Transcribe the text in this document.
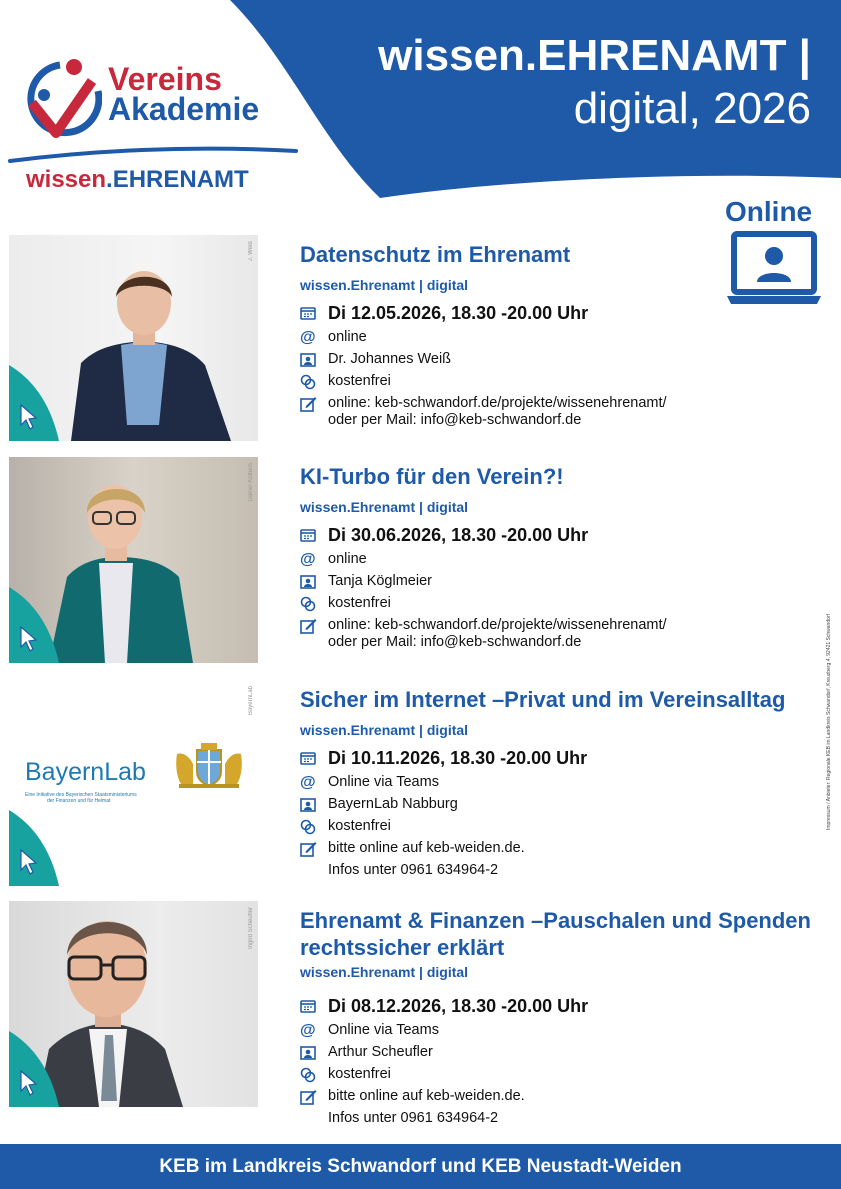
Vereins
Akademie
wissen.EHRENAMT
wissen.EHRENAMT |
digital, 2026
Online
J. Weiß
Daniel Kölbeis
BayernLab
Eine Initiative des Bayerischen Staatsministeriums
der Finanzen und für Heimat
BayernLab
Ingrid Scheufler
Datenschutz im Ehrenamt
wissen.Ehrenamt | digital
Di 12.05.2026, 18.30 -20.00 Uhr
@ online
Dr. Johannes Weiß
kostenfrei
online: keb-schwandorf.de/projekte/wissenehrenamt/
oder per Mail: info@keb-schwandorf.de
KI-Turbo für den Verein?!
wissen.Ehrenamt | digital
Di 30.06.2026, 18.30 -20.00 Uhr
@ online
Tanja Köglmeier
kostenfrei
online: keb-schwandorf.de/projekte/wissenehrenamt/
oder per Mail: info@keb-schwandorf.de
Sicher im Internet –Privat und im Vereinsalltag
wissen.Ehrenamt | digital
Di 10.11.2026, 18.30 -20.00 Uhr
@ Online via Teams
BayernLab Nabburg
kostenfrei
bitte online auf keb-weiden.de.
Infos unter 0961 634964-2
Ehrenamt & Finanzen –Pauschalen und Spenden
rechtssicher erklärt
wissen.Ehrenamt | digital
Di 08.12.2026, 18.30 -20.00 Uhr
@ Online via Teams
Arthur Scheufler
kostenfrei
bitte online auf keb-weiden.de.
Infos unter 0961 634964-2
Impressum / Anbieter: Regionale KEB im Landkreis Schwandorf, Kreuzberg 4, 92421 Schwandorf
KEB im Landkreis Schwandorf und KEB Neustadt-Weiden
